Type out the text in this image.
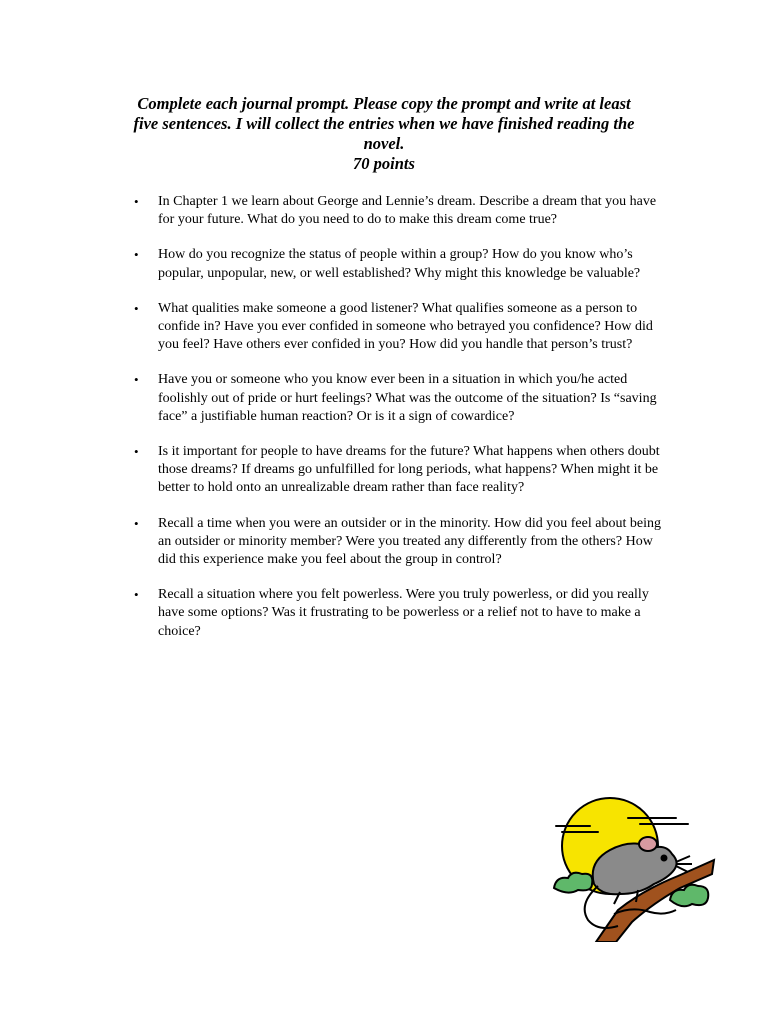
Complete each journal prompt. Please copy the prompt and write at least
five sentences. I will collect the entries when we have finished reading the
novel.
70 points
• In Chapter 1 we learn about George and Lennie’s dream. Describe a dream that you have for your future. What do you need to do to make this dream come true?
• How do you recognize the status of people within a group? How do you know who’s popular, unpopular, new, or well established? Why might this knowledge be valuable?
• What qualities make someone a good listener? What qualifies someone as a person to confide in? Have you ever confided in someone who betrayed you confidence? How did you feel? Have others ever confided in you? How did you handle that person’s trust?
• Have you or someone who you know ever been in a situation in which you/he acted foolishly out of pride or hurt feelings? What was the outcome of the situation? Is “saving face” a justifiable human reaction? Or is it a sign of cowardice?
• Is it important for people to have dreams for the future? What happens when others doubt those dreams? If dreams go unfulfilled for long periods, what happens? When might it be better to hold onto an unrealizable dream rather than face reality?
• Recall a time when you were an outsider or in the minority. How did you feel about being an outsider or minority member? Were you treated any differently from the others? How did this experience make you feel about the group in control?
• Recall a situation where you felt powerless. Were you truly powerless, or did you really have some options? Was it frustrating to be powerless or a relief not to have to make a choice?
